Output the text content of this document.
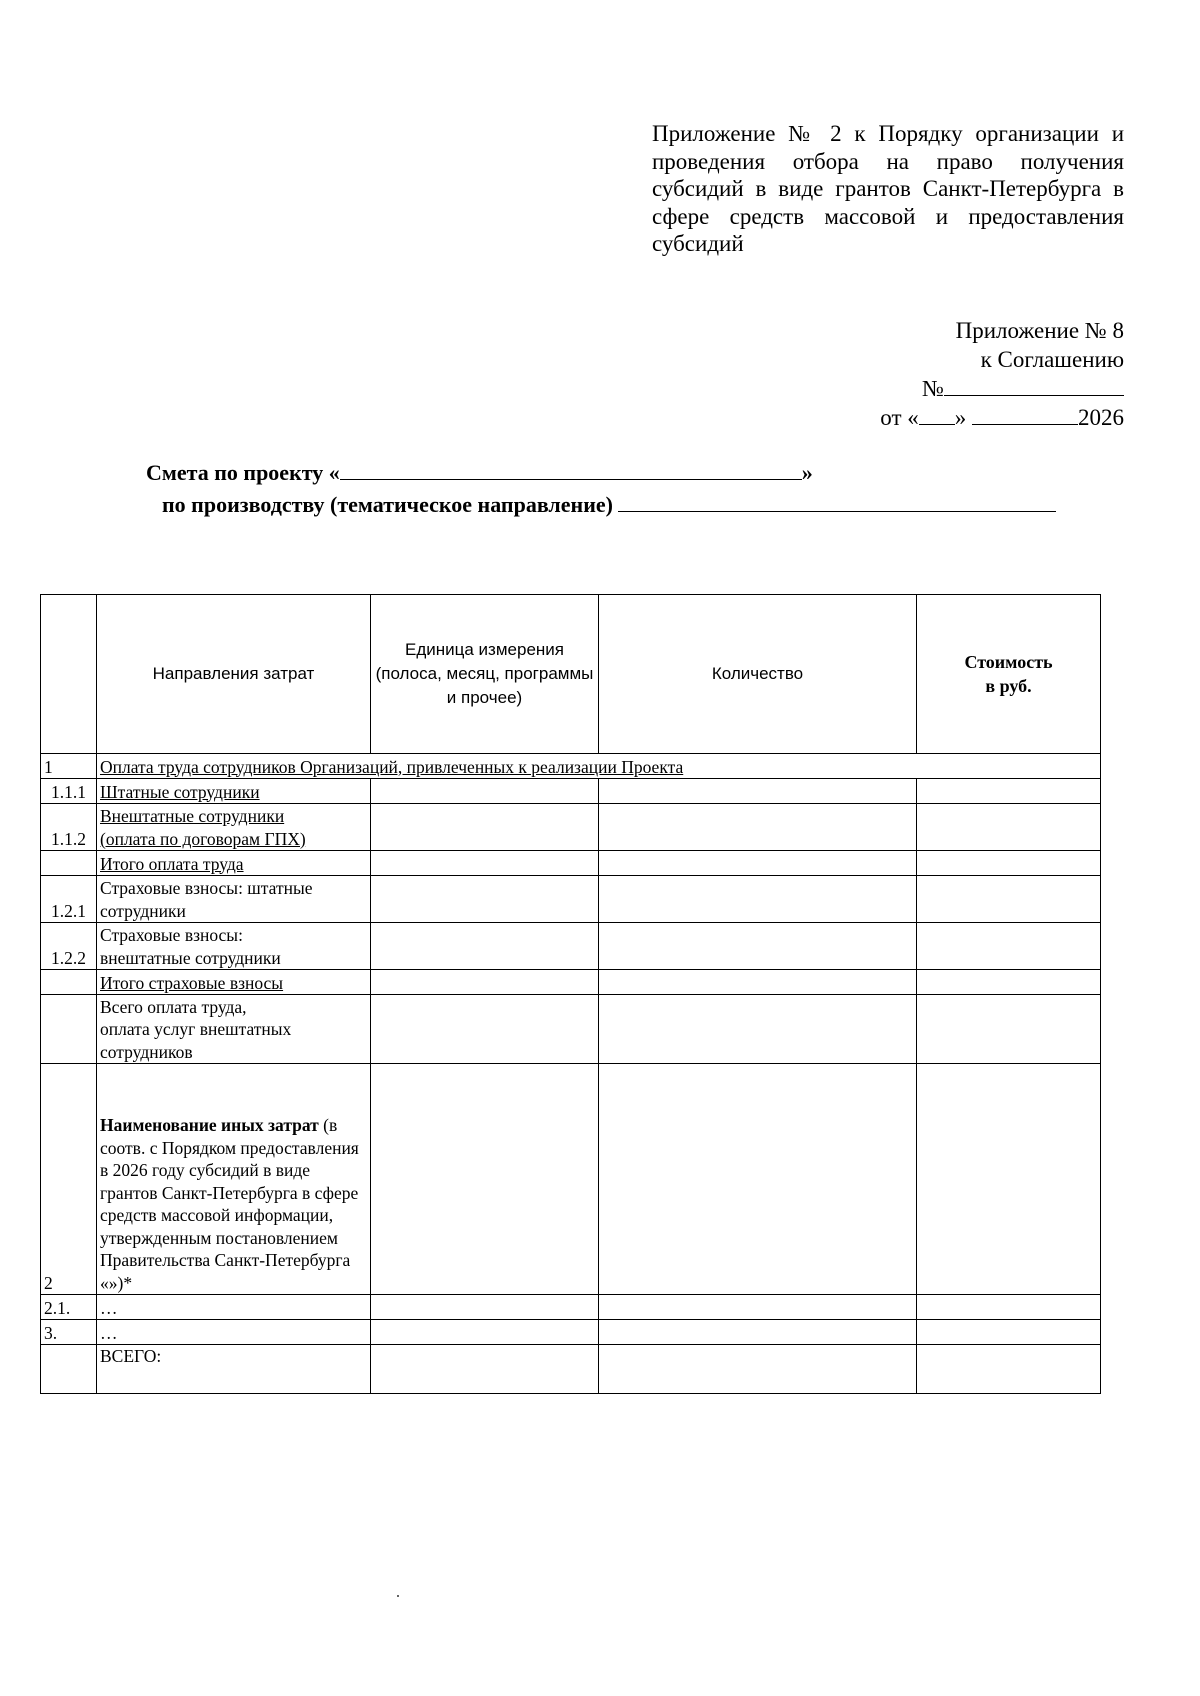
Приложение № 2 к Порядку организации и проведения отбора на право получения субсидий в виде грантов Санкт-Петербурга в сфере средств массовой и предоставления субсидий
Приложение № 8
к Соглашению
№
от « »	2026
Смета по проекту «	»
по производству (тематическое направление)
	Направления затрат	Единица измерения (полоса, месяц, программы и прочее)	Количество	Стоимость
в руб.
1	Оплата труда сотрудников Организаций, привлеченных к реализации Проекта			
1.1.1	Штатные сотрудники			
1.1.2	Внештатные сотрудники
(оплата по договорам ГПХ)			
	Итого оплата труда			
1.2.1	Страховые взносы: штатные
сотрудники			
1.2.2	Страховые взносы:
внештатные сотрудники			
	Итого страховые взносы			
	Всего оплата труда,
оплата услуг внештатных
сотрудников			
2	Наименование иных затрат (в соотв. с Порядком предоставления в 2026 году субсидий в виде грантов Санкт-Петербурга в сфере средств массовой информации, утвержденным постановлением Правительства Санкт-Петербурга «»)*			
2.1.	…			
3.	…			
	ВСЕГО:			
